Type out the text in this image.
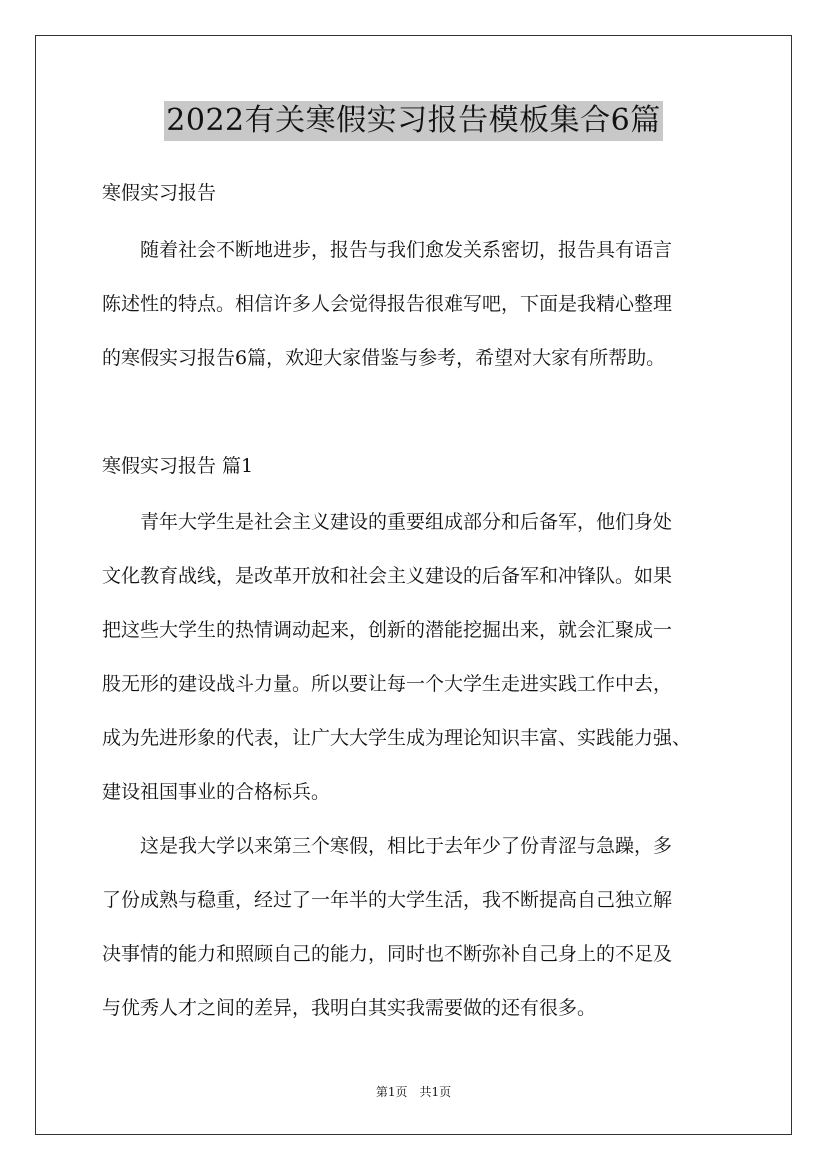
2022有关寒假实习报告模板集合6篇
寒假实习报告
　　随着社会不断地进步，报告与我们愈发关系密切，报告具有语言
陈述性的特点。相信许多人会觉得报告很难写吧，下面是我精心整理
的寒假实习报告6篇，欢迎大家借鉴与参考，希望对大家有所帮助。
寒假实习报告 篇1
　　青年大学生是社会主义建设的重要组成部分和后备军，他们身处
文化教育战线，是改革开放和社会主义建设的后备军和冲锋队。如果
把这些大学生的热情调动起来，创新的潜能挖掘出来，就会汇聚成一
股无形的建设战斗力量。所以要让每一个大学生走进实践工作中去，
成为先进形象的代表，让广大大学生成为理论知识丰富、实践能力强、
建设祖国事业的合格标兵。
　　这是我大学以来第三个寒假，相比于去年少了份青涩与急躁，多
了份成熟与稳重，经过了一年半的大学生活，我不断提高自己独立解
决事情的能力和照顾自己的能力，同时也不断弥补自己身上的不足及
与优秀人才之间的差异，我明白其实我需要做的还有很多。
第1页　共1页
